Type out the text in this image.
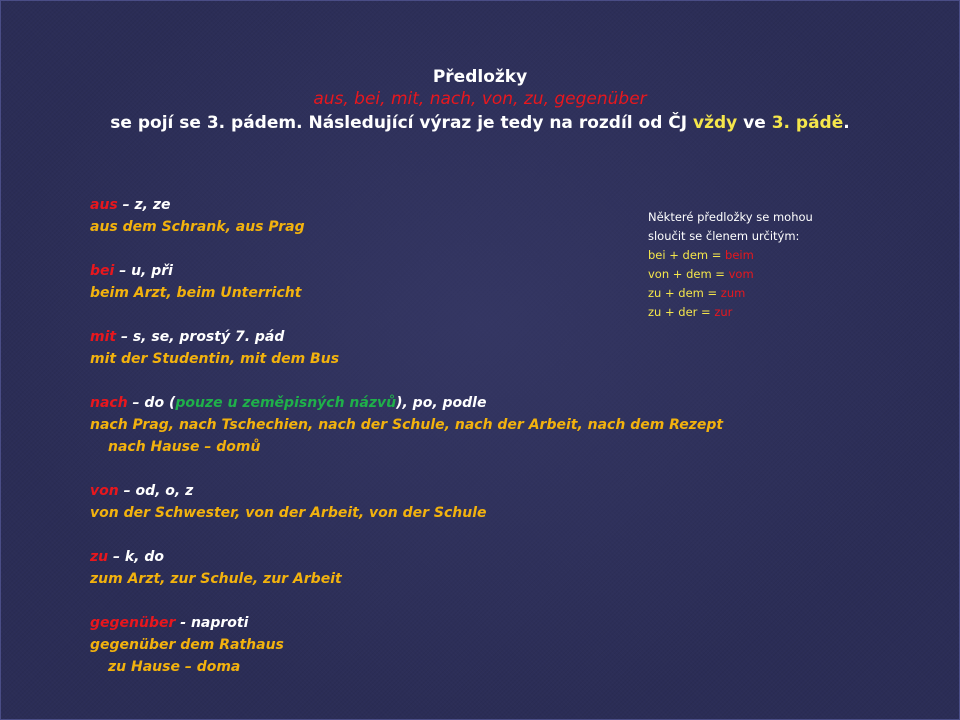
Předložky
aus, bei, mit, nach, von, zu, gegenüber
se pojí se 3. pádem. Následující výraz je tedy na rozdíl od ČJ vždy ve 3. pádě.
aus – z, ze
aus dem Schrank, aus Prag
bei – u, při
beim Arzt, beim Unterricht
mit – s, se, prostý 7. pád
mit der Studentin, mit dem Bus
nach – do (pouze u zeměpisných názvů), po, podle
nach Prag, nach Tschechien, nach der Schule, nach der Arbeit, nach dem Rezept
nach Hause – domů
von – od, o, z
von der Schwester, von der Arbeit, von der Schule
zu – k, do
zum Arzt, zur Schule, zur Arbeit
gegenüber - naproti
gegenüber dem Rathaus
zu Hause – doma
Některé předložky se mohou
sloučit se členem určitým:
bei + dem = beim
von + dem = vom
zu + dem = zum
zu + der = zur
